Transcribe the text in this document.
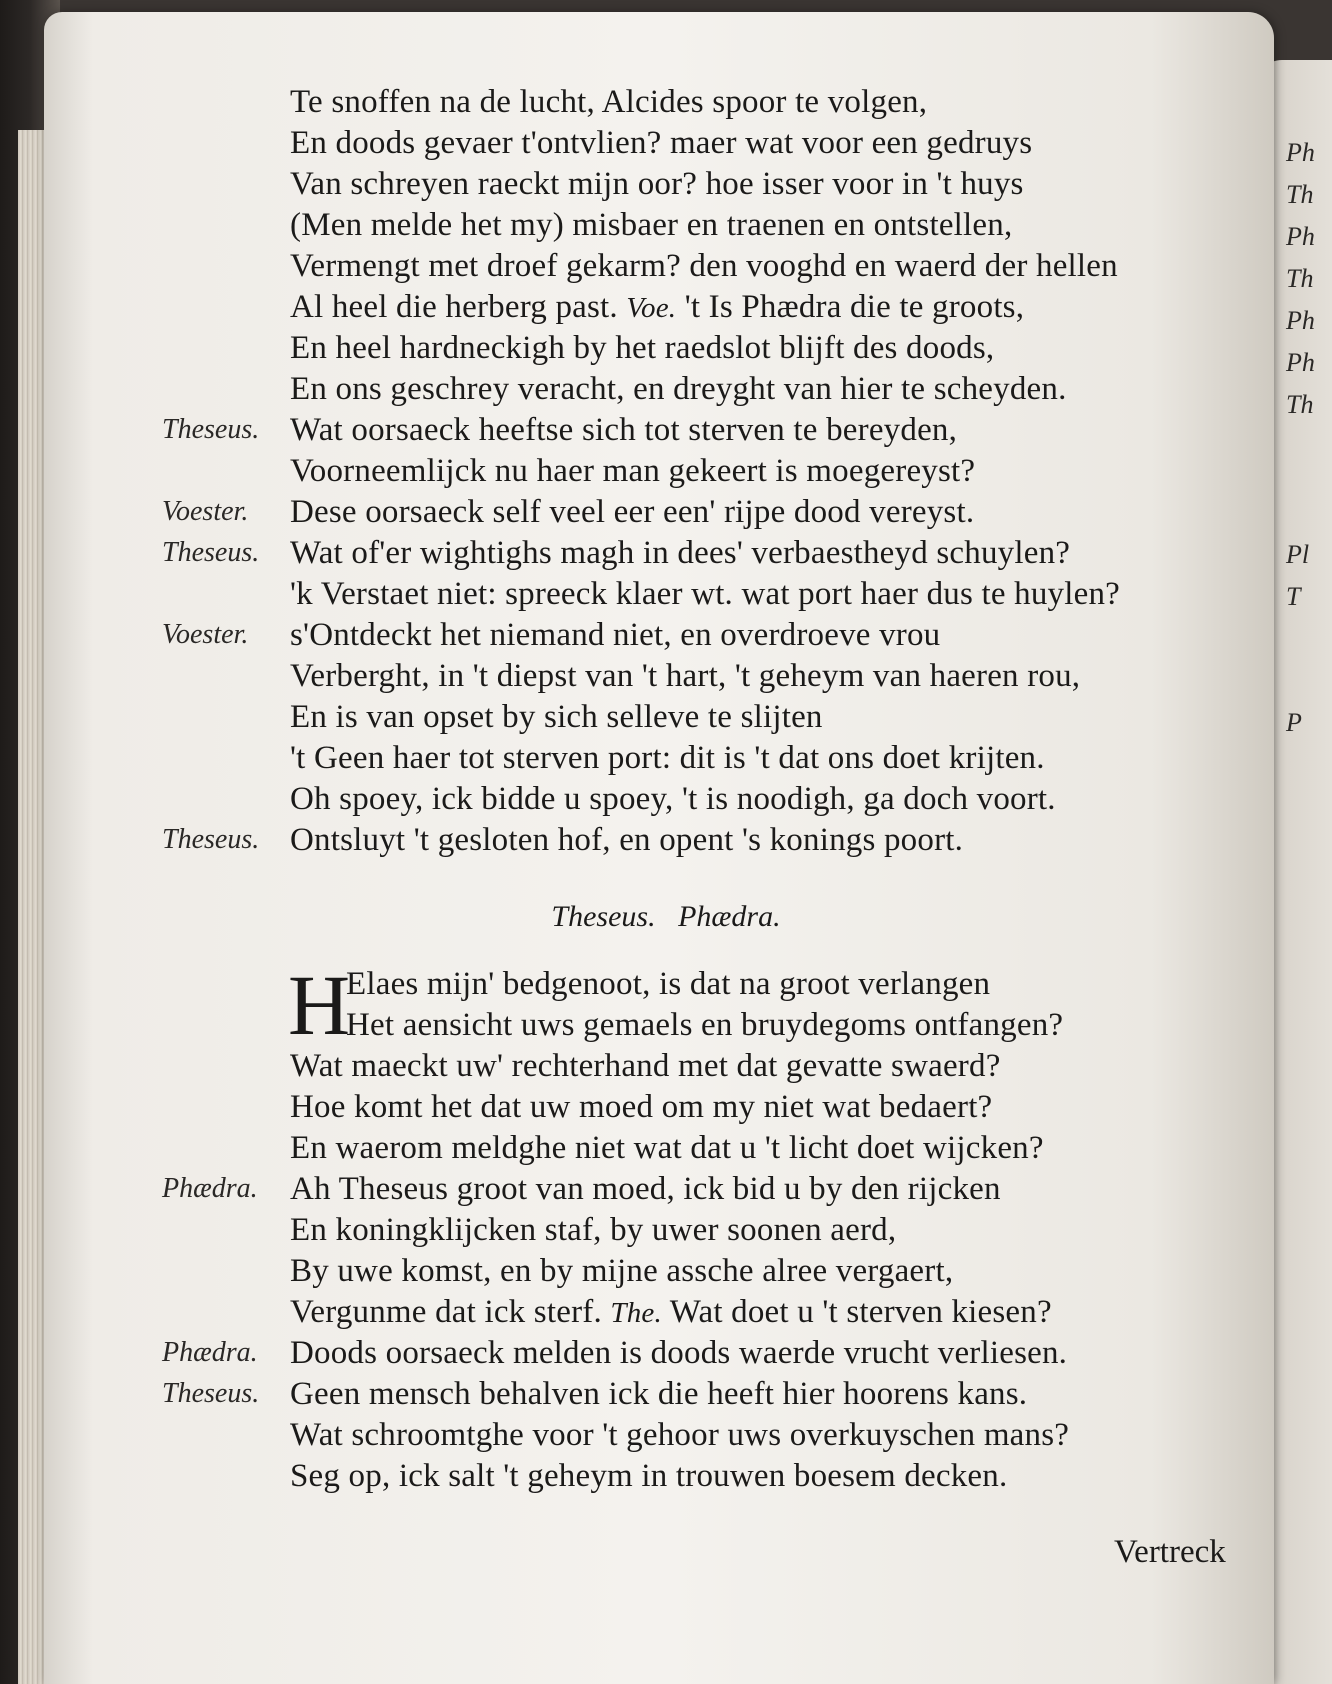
Ph
Th
Ph
Th
Ph
Ph
Th
Pl
T
P
Te snoffen na de lucht, Alcides spoor te volgen,
En doods gevaer t'ontvlien? maer wat voor een gedruys
Van schreyen raeckt mijn oor? hoe isser voor in 't huys
(Men melde het my) misbaer en traenen en ontstellen,
Vermengt met droef gekarm? den vooghd en waerd der hellen
Al heel die herberg past. Voe. 't Is Phædra die te groots,
En heel hardneckigh by het raedslot blijft des doods,
En ons geschrey veracht, en dreyght van hier te scheyden.
Theseus. Wat oorsaeck heeftse sich tot sterven te bereyden,
Voorneemlijck nu haer man gekeert is moegereyst?
Voester. Dese oorsaeck self veel eer een' rijpe dood vereyst.
Theseus. Wat of'er wightighs magh in dees' verbaestheyd schuylen?
'k Verstaet niet: spreeck klaer wt. wat port haer dus te huylen?
Voester. s'Ontdeckt het niemand niet, en overdroeve vrou
Verberght, in 't diepst van 't hart, 't geheym van haeren rou,
En is van opset by sich selleve te slijten
't Geen haer tot sterven port: dit is 't dat ons doet krijten.
Oh spoey, ick bidde u spoey, 't is noodigh, ga doch voort.
Theseus. Ontsluyt 't gesloten hof, en opent 's konings poort.
Theseus.   Phædra.
H
Elaes mijn' bedgenoot, is dat na groot verlangen
Het aensicht uws gemaels en bruydegoms ontfangen?
Wat maeckt uw' rechterhand met dat gevatte swaerd?
Hoe komt het dat uw moed om my niet wat bedaert?
En waerom meldghe niet wat dat u 't licht doet wijcken?
Phædra. Ah Theseus groot van moed, ick bid u by den rijcken
En koningklijcken staf, by uwer soonen aerd,
By uwe komst, en by mijne assche alree vergaert,
Vergunme dat ick sterf. The. Wat doet u 't sterven kiesen?
Phædra. Doods oorsaeck melden is doods waerde vrucht verliesen.
Theseus. Geen mensch behalven ick die heeft hier hoorens kans.
Wat schroomtghe voor 't gehoor uws overkuyschen mans?
Seg op, ick salt 't geheym in trouwen boesem decken.
Vertreck
